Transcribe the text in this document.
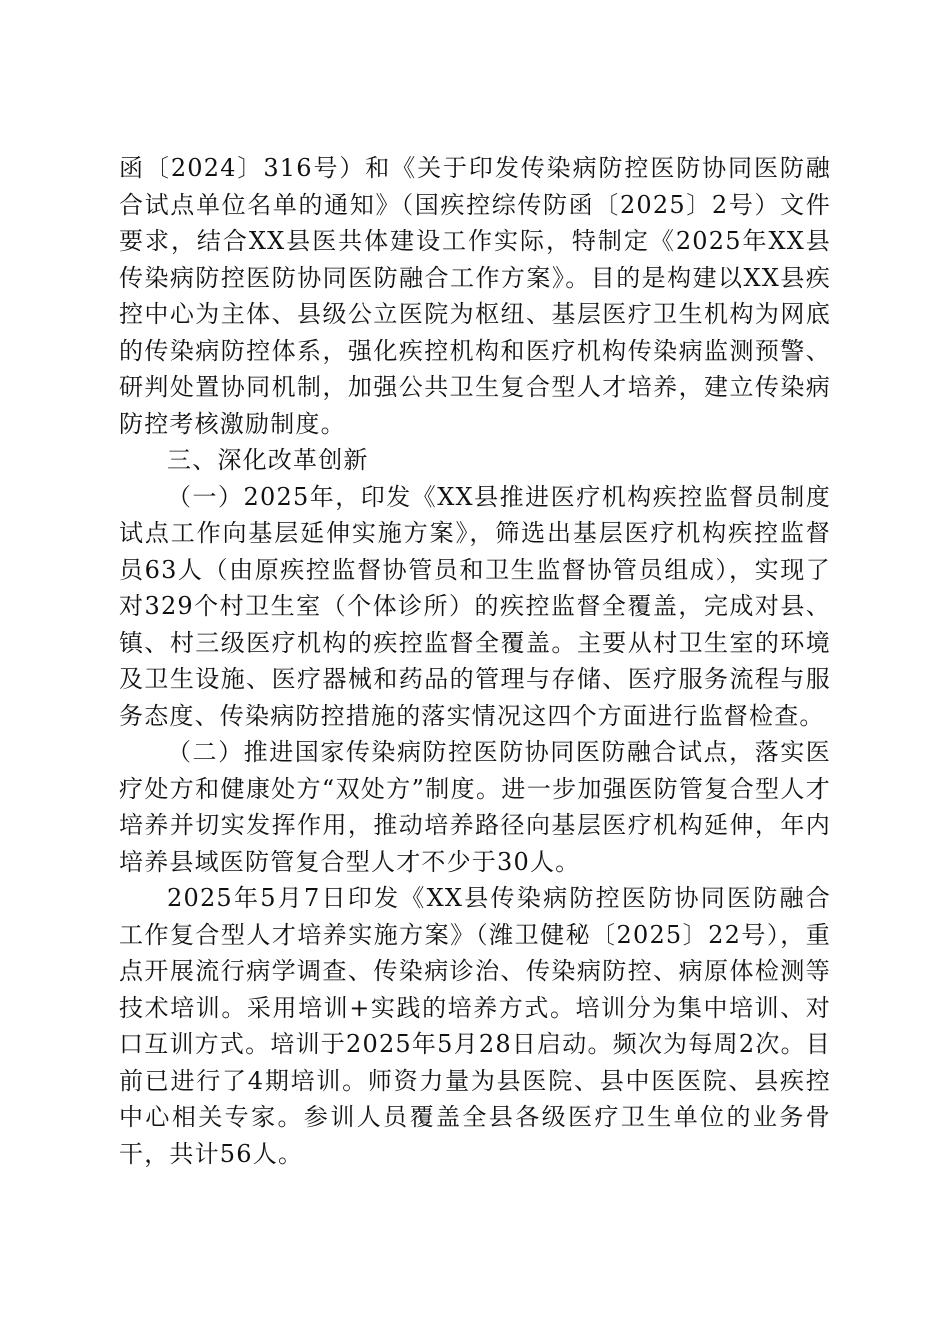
函〔2024〕316号）和《关于印发传染病防控医防协同医防融合试点单位名单的通知》（国疾控综传防函〔2025〕2号）文件要求，结合XX县医共体建设工作实际，特制定《2025年XX县传染病防控医防协同医防融合工作方案》。目的是构建以XX县疾控中心为主体、县级公立医院为枢纽、基层医疗卫生机构为网底的传染病防控体系，强化疾控机构和医疗机构传染病监测预警、研判处置协同机制，加强公共卫生复合型人才培养，建立传染病防控考核激励制度。

三、深化改革创新

（一）2025年，印发《XX县推进医疗机构疾控监督员制度试点工作向基层延伸实施方案》，筛选出基层医疗机构疾控监督员63人（由原疾控监督协管员和卫生监督协管员组成），实现了对329个村卫生室（个体诊所）的疾控监督全覆盖，完成对县、镇、村三级医疗机构的疾控监督全覆盖。主要从村卫生室的环境及卫生设施、医疗器械和药品的管理与存储、医疗服务流程与服务态度、传染病防控措施的落实情况这四个方面进行监督检查。

（二）推进国家传染病防控医防协同医防融合试点，落实医疗处方和健康处方“双处方”制度。进一步加强医防管复合型人才培养并切实发挥作用，推动培养路径向基层医疗机构延伸，年内培养县域医防管复合型人才不少于30人。

2025年5月7日印发《XX县传染病防控医防协同医防融合工作复合型人才培养实施方案》（潍卫健秘〔2025〕22号），重点开展流行病学调查、传染病诊治、传染病防控、病原体检测等技术培训。采用培训+实践的培养方式。培训分为集中培训、对口互训方式。培训于2025年5月28日启动。频次为每周2次。目前已进行了4期培训。师资力量为县医院、县中医医院、县疾控中心相关专家。参训人员覆盖全县各级医疗卫生单位的业务骨干，共计56人。
